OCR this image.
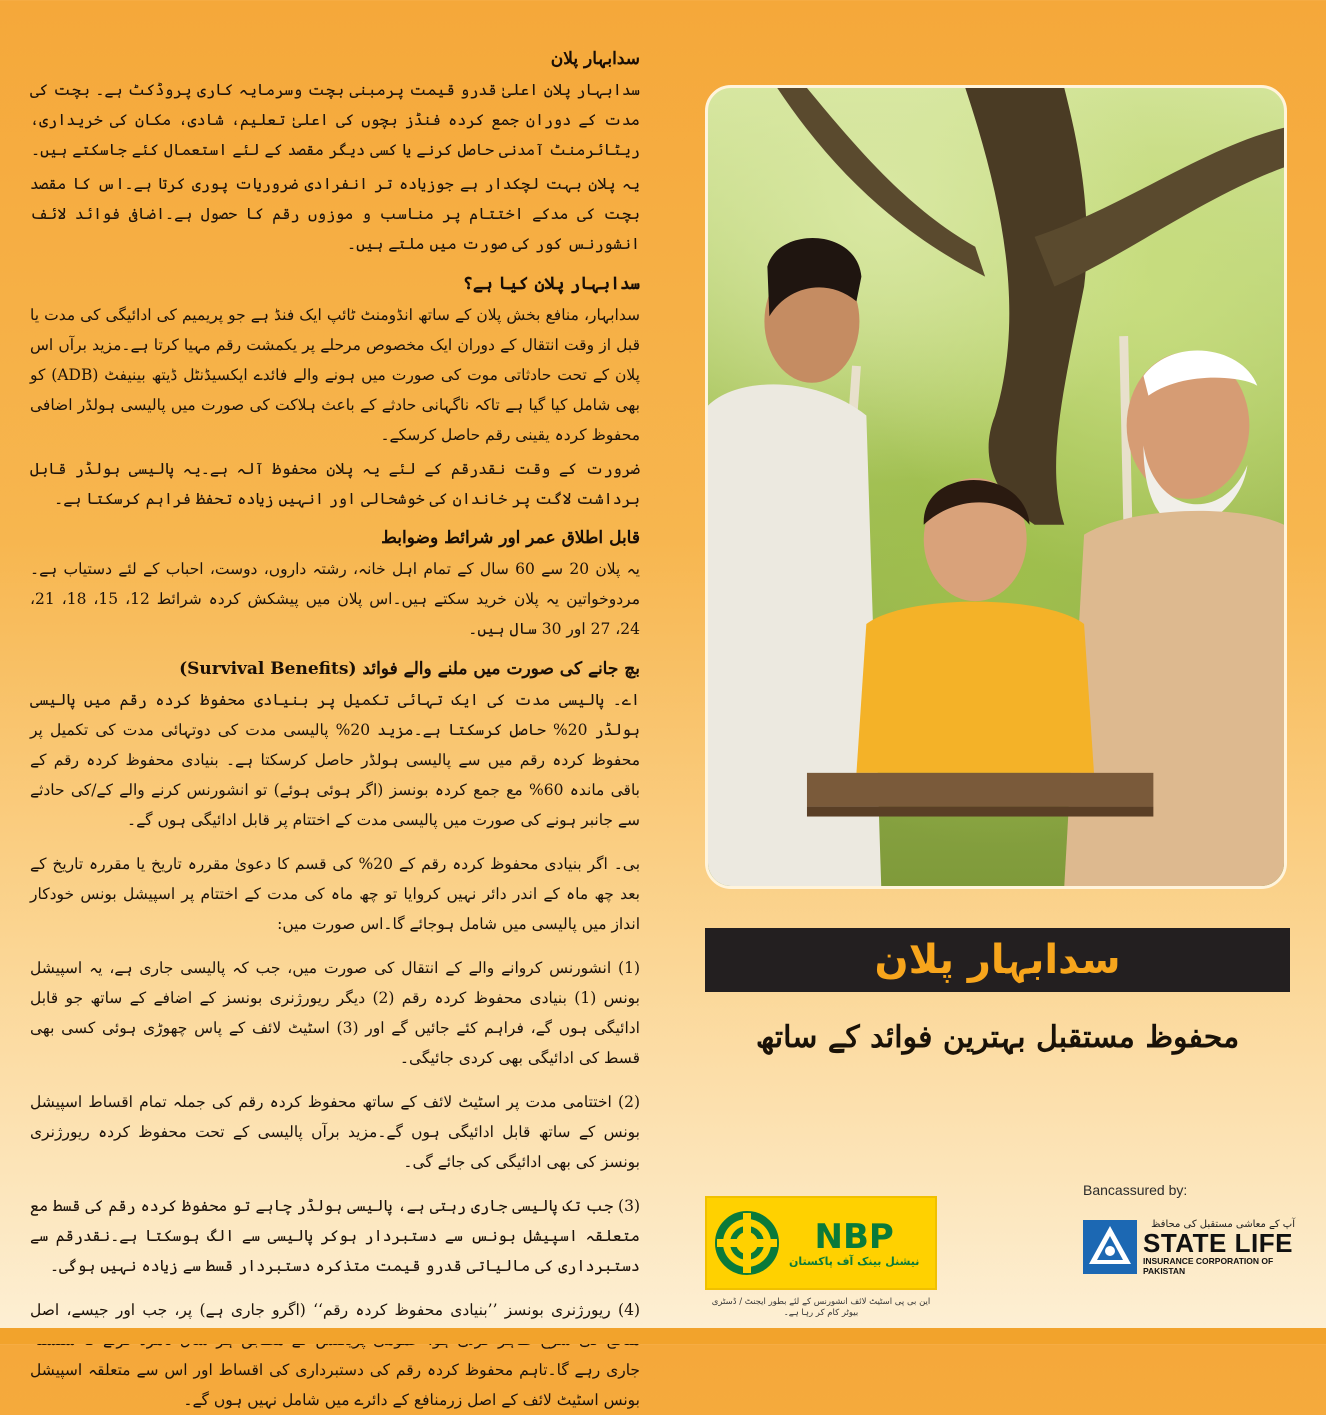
سدابہار پلان

سدابہار پلان اعلیٰ قدرو قیمت پرمبنی بچت وسرمایہ کاری پروڈکٹ ہے۔ بچت کی مدت کے دوران جمع کردہ فنڈز بچوں کی اعلیٰ تعلیم، شادی، مکان کی خریداری، ریٹائرمنٹ آمدنی حاصل کرنے یا کسی دیگر مقصد کے لئے استعمال کئے جاسکتے ہیں۔

یہ پلان بہت لچکدار ہے جوزیادہ تر انفرادی ضروریات پوری کرتا ہے۔اس کا مقصد بچت کی مدکے اختتام پر مناسب و موزوں رقم کا حصول ہے۔اضافی فوائد لائف انشورنس کور کی صورت میں ملتے ہیں۔

سدابہار پلان کیا ہے؟

سدابہار، منافع بخش پلان کے ساتھ انڈومنٹ ٹائپ ایک فنڈ ہے جو پریمیم کی ادائیگی کی مدت یا قبل از وقت انتقال کے دوران ایک مخصوص مرحلے پر یکمشت رقم مہیا کرتا ہے۔مزید برآں اس پلان کے تحت حادثاتی موت کی صورت میں ہونے والے فائدے ایکسیڈنٹل ڈیتھ بینیفٹ (ADB) کو بھی شامل کیا گیا ہے تاکہ ناگہانی حادثے کے باعث ہلاکت کی صورت میں پالیسی ہولڈر اضافی محفوظ کردہ یقینی رقم حاصل کرسکے۔

ضرورت کے وقت نقدرقم کے لئے یہ پلان محفوظ آلہ ہے۔یہ پالیسی ہولڈر قابل برداشت لاگت پر خاندان کی خوشحالی اور انہیں زیادہ تحفظ فراہم کرسکتا ہے۔

قابل اطلاق عمر اور شرائط وضوابط

یہ پلان 20 سے 60 سال کے تمام اہل خانہ، رشتہ داروں، دوست، احباب کے لئے دستیاب ہے۔ مردوخواتین یہ پلان خرید سکتے ہیں۔اس پلان میں پیشکش کردہ شرائط 12، 15، 18، 21، 24، 27 اور 30 سال ہیں۔

بچ جانے کی صورت میں ملنے والے فوائد (Survival Benefits)

اے۔ پالیسی مدت کی ایک تہائی تکمیل پر بنیادی محفوظ کردہ رقم میں پالیسی ہولڈر 20% حاصل کرسکتا ہے۔مزید 20% پالیسی مدت کی دوتہائی مدت کی تکمیل پر محفوظ کردہ رقم میں سے پالیسی ہولڈر حاصل کرسکتا ہے۔ بنیادی محفوظ کردہ رقم کے باقی ماندہ 60% مع جمع کردہ بونسز (اگر ہوئی ہوئے) تو انشورنس کرنے والے کے/کی حادثے سے جانبر ہونے کی صورت میں پالیسی مدت کے اختتام پر قابل ادائیگی ہوں گے۔

بی۔ اگر بنیادی محفوظ کردہ رقم کے 20% کی قسم کا دعویٰ مقررہ تاریخ یا مقررہ تاریخ کے بعد چھ ماہ کے اندر دائر نہیں کروایا تو چھ ماہ کی مدت کے اختتام پر اسپیشل بونس خودکار انداز میں پالیسی میں شامل ہوجائے گا۔اس صورت میں:

(1) انشورنس کروانے والے کے انتقال کی صورت میں، جب کہ پالیسی جاری ہے، یہ اسپیشل بونس (1) بنیادی محفوظ کردہ رقم (2) دیگر ریورژنری بونسز کے اضافے کے ساتھ جو قابل ادائیگی ہوں گے، فراہم کئے جائیں گے اور (3) اسٹیٹ لائف کے پاس چھوڑی ہوئی کسی بھی قسط کی ادائیگی بھی کردی جائیگی۔

(2) اختتامی مدت پر اسٹیٹ لائف کے ساتھ محفوظ کردہ رقم کی جملہ تمام اقساط اسپیشل بونس کے ساتھ قابل ادائیگی ہوں گے۔مزید برآں پالیسی کے تحت محفوظ کردہ ریورژنری بونسز کی بھی ادائیگی کی جائے گی۔

(3) جب تک پالیسی جاری رہتی ہے، پالیسی ہولڈر چاہے تو محفوظ کردہ رقم کی قسط مع متعلقہ اسپیشل بونس سے دستبردار ہوکر پالیسی سے الگ ہوسکتا ہے۔نقدرقم سے دستبرداری کی مالیاتی قدرو قیمت متذکرہ دستبردار قسط سے زیادہ نہیں ہوگی۔

(4) ریورژنری بونسز ’’بنیادی محفوظ کردہ رقم‘‘ (اگرو جاری ہے) پر، جب اور جیسے، اصل جاری رہے گا۔تاہم محفوظ کردہ رقم کی دستبرداری کی اقساط اور اس سے متعلقہ اسپیشل بونس اسٹیٹ لائف کے اصل زرمنافع کے دائرے میں شامل نہیں ہوں گے۔

سدابہار پلان
محفوظ مستقبل بہترین فوائد کے ساتھ
NBP
نیشنل بینک آف پاکستان
این بی پی اسٹیٹ لائف انشورنس کے لئے بطور ایجنٹ / ڈسٹری بیوٹر کام کر رہا ہے۔
Bancassured by:
آپ کے معاشی مستقبل کی محافظ
STATE LIFE
INSURANCE CORPORATION OF PAKISTAN
